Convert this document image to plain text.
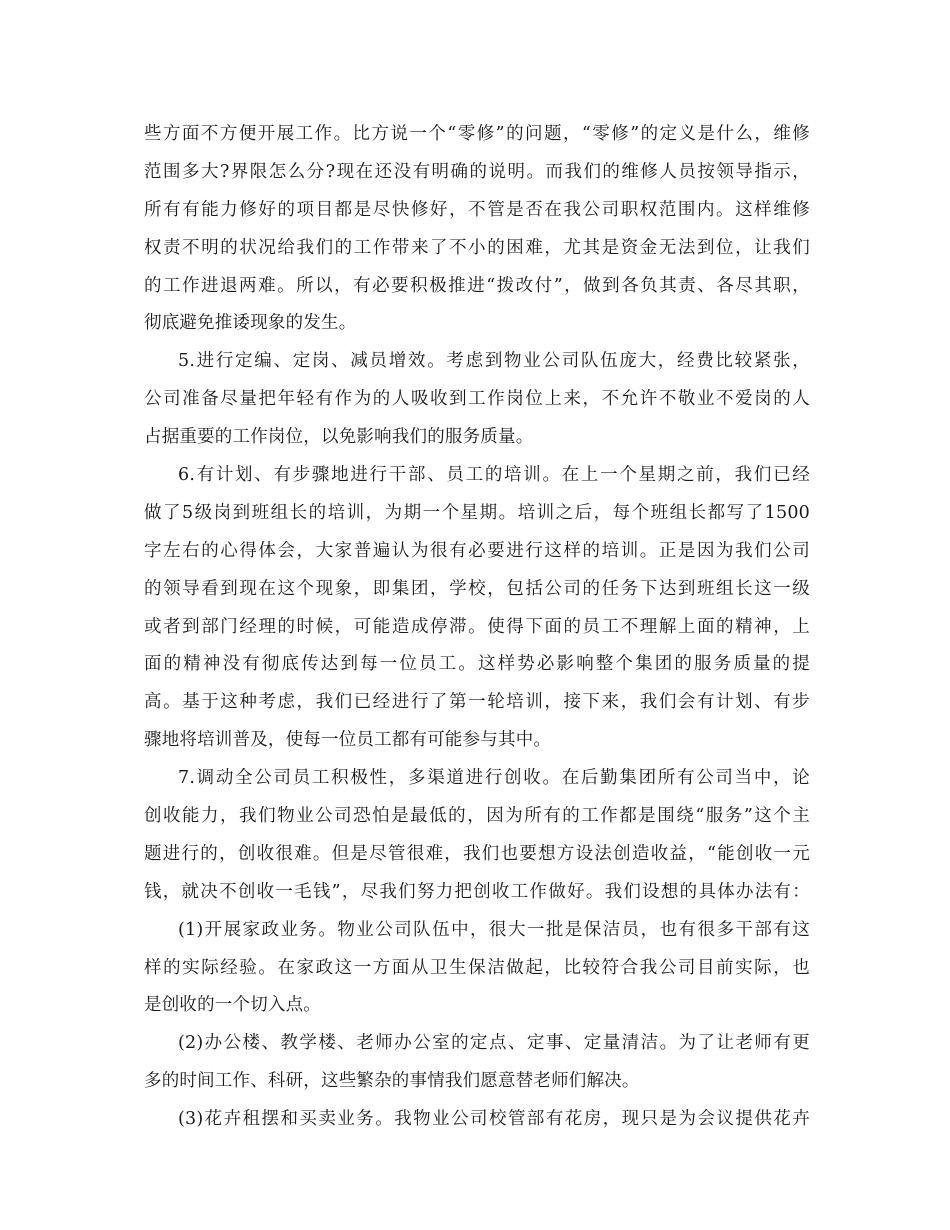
些方面不方便开展工作。比方说一个“零修”的问题，“零修”的定义是什么，维修
范围多大?界限怎么分?现在还没有明确的说明。而我们的维修人员按领导指示，
所有有能力修好的项目都是尽快修好，不管是否在我公司职权范围内。这样维修
权责不明的状况给我们的工作带来了不小的困难，尤其是资金无法到位，让我们
的工作进退两难。所以，有必要积极推进“拨改付”，做到各负其责、各尽其职，
彻底避免推诿现象的发生。
5.进行定编、定岗、减员增效。考虑到物业公司队伍庞大，经费比较紧张，
公司准备尽量把年轻有作为的人吸收到工作岗位上来，不允许不敬业不爱岗的人
占据重要的工作岗位，以免影响我们的服务质量。
6.有计划、有步骤地进行干部、员工的培训。在上一个星期之前，我们已经
做了5级岗到班组长的培训，为期一个星期。培训之后，每个班组长都写了1500
字左右的心得体会，大家普遍认为很有必要进行这样的培训。正是因为我们公司
的领导看到现在这个现象，即集团，学校，包括公司的任务下达到班组长这一级
或者到部门经理的时候，可能造成停滞。使得下面的员工不理解上面的精神，上
面的精神没有彻底传达到每一位员工。这样势必影响整个集团的服务质量的提
高。基于这种考虑，我们已经进行了第一轮培训，接下来，我们会有计划、有步
骤地将培训普及，使每一位员工都有可能参与其中。
7.调动全公司员工积极性，多渠道进行创收。在后勤集团所有公司当中，论
创收能力，我们物业公司恐怕是最低的，因为所有的工作都是围绕“服务”这个主
题进行的，创收很难。但是尽管很难，我们也要想方设法创造收益，“能创收一元
钱，就决不创收一毛钱”，尽我们努力把创收工作做好。我们设想的具体办法有：
(1)开展家政业务。物业公司队伍中，很大一批是保洁员，也有很多干部有这
样的实际经验。在家政这一方面从卫生保洁做起，比较符合我公司目前实际，也
是创收的一个切入点。
(2)办公楼、教学楼、老师办公室的定点、定事、定量清洁。为了让老师有更
多的时间工作、科研，这些繁杂的事情我们愿意替老师们解决。
(3)花卉租摆和买卖业务。我物业公司校管部有花房，现只是为会议提供花卉
